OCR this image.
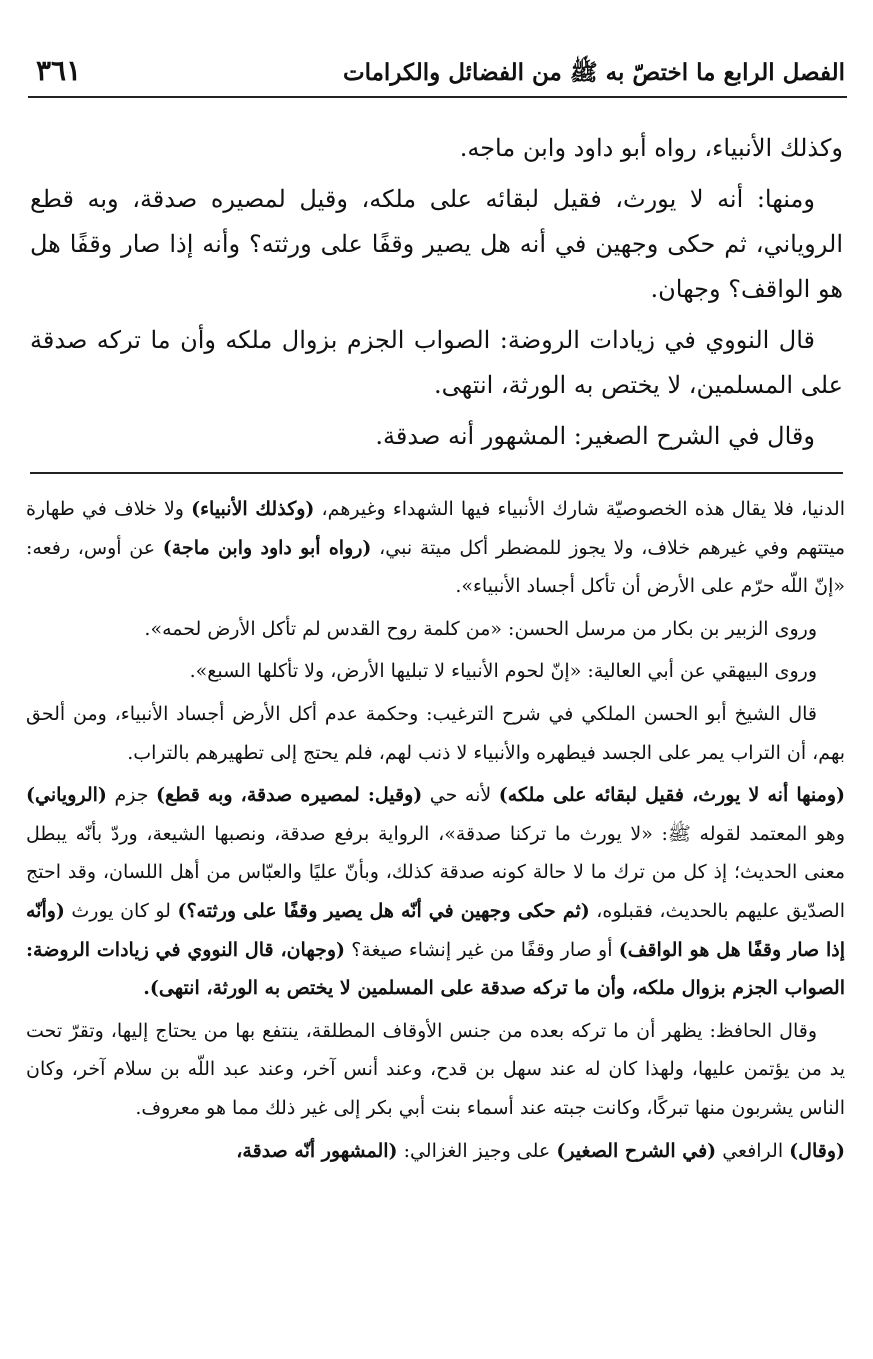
الفصل الرابع ما اختصّ به ﷺ من الفضائل والكرامات
٣٦١

وكذلك الأنبياء، رواه أبو داود وابن ماجه.

ومنها: أنه لا يورث، فقيل لبقائه على ملكه، وقيل لمصيره صدقة، وبه قطع الروياني، ثم حكى وجهين في أنه هل يصير وقفًا على ورثته؟ وأنه إذا صار وقفًا هل هو الواقف؟ وجهان.

قال النووي في زيادات الروضة: الصواب الجزم بزوال ملكه وأن ما تركه صدقة على المسلمين، لا يختص به الورثة، انتهى.

وقال في الشرح الصغير: المشهور أنه صدقة.

الدنيا، فلا يقال هذه الخصوصيّة شارك الأنبياء فيها الشهداء وغيرهم، (وكذلك الأنبياء) ولا خلاف في طهارة ميتتهم وفي غيرهم خلاف، ولا يجوز للمضطر أكل ميتة نبي، (رواه أبو داود وابن ماجة) عن أوس، رفعه: «إنّ اللّه حرّم على الأرض أن تأكل أجساد الأنبياء».

وروى الزبير بن بكار من مرسل الحسن: «من كلمة روح القدس لم تأكل الأرض لحمه».

وروى البيهقي عن أبي العالية: «إنّ لحوم الأنبياء لا تبليها الأرض، ولا تأكلها السبع».

قال الشيخ أبو الحسن الملكي في شرح الترغيب: وحكمة عدم أكل الأرض أجساد الأنبياء، ومن ألحق بهم، أن التراب يمر على الجسد فيطهره والأنبياء لا ذنب لهم، فلم يحتج إلى تطهيرهم بالتراب.

(ومنها أنه لا يورث، فقيل لبقائه على ملكه) لأنه حي (وقيل: لمصيره صدقة، وبه قطع) جزم (الروياني) وهو المعتمد لقوله ﷺ: «لا يورث ما تركنا صدقة»، الرواية برفع صدقة، ونصبها الشيعة، وردّ بأنّه يبطل معنى الحديث؛ إذ كل من ترك ما لا حالة كونه صدقة كذلك، وبأنّ عليًا والعبّاس من أهل اللسان، وقد احتج الصدّيق عليهم بالحديث، فقبلوه، (ثم حكى وجهين في أنّه هل يصير وقفًا على ورثته؟) لو كان يورث (وأنّه إذا صار وقفًا هل هو الواقف) أو صار وقفًا من غير إنشاء صيغة؟ (وجهان، قال النووي في زيادات الروضة: الصواب الجزم بزوال ملكه، وأن ما تركه صدقة على المسلمين لا يختص به الورثة، انتهى).

وقال الحافظ: يظهر أن ما تركه بعده من جنس الأوقاف المطلقة، ينتفع بها من يحتاج إليها، وتقرّ تحت يد من يؤتمن عليها، ولهذا كان له عند سهل بن قدح، وعند أنس آخر، وعند عبد اللّه بن سلام آخر، وكان الناس يشربون منها تبركًا، وكانت جبته عند أسماء بنت أبي بكر إلى غير ذلك مما هو معروف.

(وقال) الرافعي (في الشرح الصغير) على وجيز الغزالي: (المشهور أنّه صدقة،
